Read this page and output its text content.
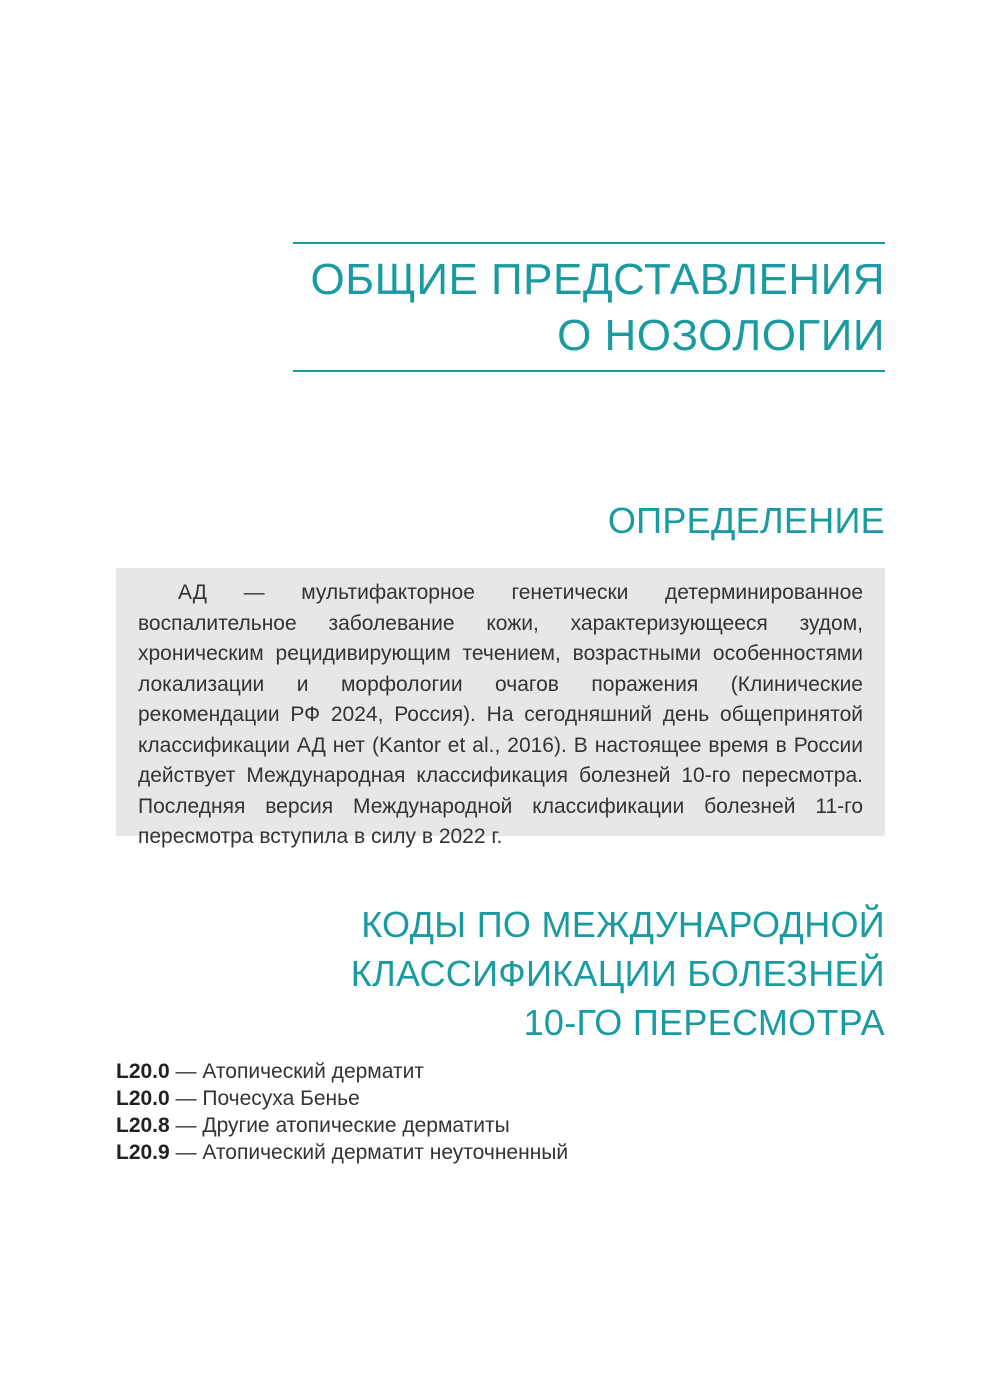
ОБЩИЕ ПРЕДСТАВЛЕНИЯ
О НОЗОЛОГИИ
ОПРЕДЕЛЕНИЕ

АД — мультифакторное генетически детерминированное воспалительное заболевание кожи, характеризующееся зудом, хроническим рецидивирующим течением, возрастными особенностями локализации и морфологии очагов поражения (Клинические рекомендации РФ 2024, Россия). На сегодняшний день общепринятой классификации АД нет (Kantor et al., 2016). В настоящее время в России действует Международная классификация болезней 10-го пересмотра. Последняя версия Международной классификации болезней 11-го пересмотра вступила в силу в 2022 г.

КОДЫ ПО МЕЖДУНАРОДНОЙ
КЛАССИФИКАЦИИ БОЛЕЗНЕЙ
10-ГО ПЕРЕСМОТРА
L20.0 — Атопический дерматит
L20.0 — Почесуха Бенье
L20.8 — Другие атопические дерматиты
L20.9 — Атопический дерматит неуточненный
